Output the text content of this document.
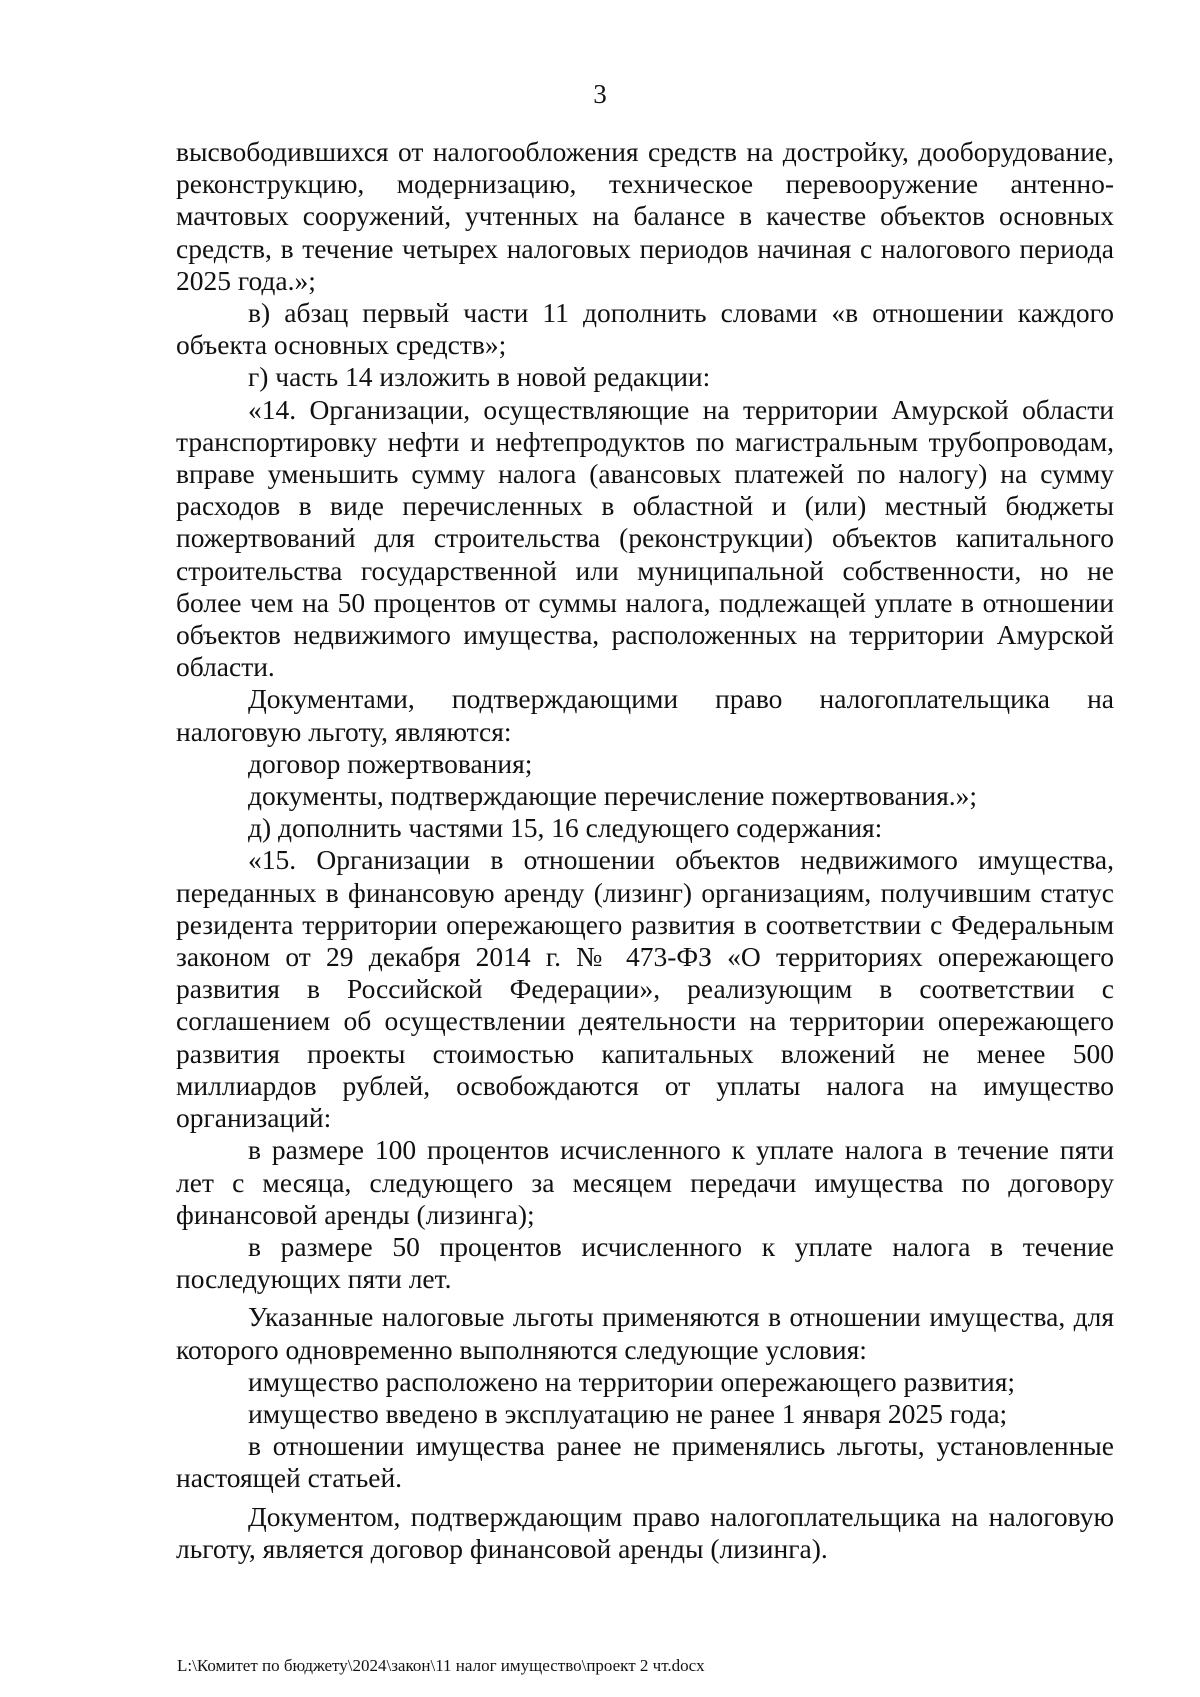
3

высвободившихся от налогообложения средств на достройку, дооборудование, реконструкцию, модернизацию, техническое перевооружение антенно-мачтовых сооружений, учтенных на балансе в качестве объектов основных средств, в течение четырех налоговых периодов начиная с налогового периода 2025 года.»;

в) абзац первый части 11 дополнить словами «в отношении каждого объекта основных средств»;

г) часть 14 изложить в новой редакции:

«14. Организации, осуществляющие на территории Амурской области транспортировку нефти и нефтепродуктов по магистральным трубопроводам, вправе уменьшить сумму налога (авансовых платежей по налогу) на сумму расходов в виде перечисленных в областной и (или) местный бюджеты пожертвований для строительства (реконструкции) объектов капитального строительства государственной или муниципальной собственности, но не более чем на 50 процентов от суммы налога, подлежащей уплате в отношении объектов недвижимого имущества, расположенных на территории Амурской области.

Документами, подтверждающими право налогоплательщика на налоговую льготу, являются:

договор пожертвования;

документы, подтверждающие перечисление пожертвования.»;

д) дополнить частями 15, 16 следующего содержания:

«15. Организации в отношении объектов недвижимого имущества, переданных в финансовую аренду (лизинг) организациям, получившим статус резидента территории опережающего развития в соответствии с Федеральным законом от 29 декабря 2014 г. № 473-ФЗ «О территориях опережающего развития в Российской Федерации», реализующим в соответствии с соглашением об осуществлении деятельности на территории опережающего развития проекты стоимостью капитальных вложений не менее 500 миллиардов рублей, освобождаются от уплаты налога на имущество организаций:

в размере 100 процентов исчисленного к уплате налога в течение пяти лет с месяца, следующего за месяцем передачи имущества по договору финансовой аренды (лизинга);

в размере 50 процентов исчисленного к уплате налога в течение последующих пяти лет.

Указанные налоговые льготы применяются в отношении имущества, для которого одновременно выполняются следующие условия:

имущество расположено на территории опережающего развития;

имущество введено в эксплуатацию не ранее 1 января 2025 года;

в отношении имущества ранее не применялись льготы, установленные настоящей статьей.

Документом, подтверждающим право налогоплательщика на налоговую льготу, является договор финансовой аренды (лизинга).

L:\Комитет по бюджету\2024\закон\11 налог имущество\проект 2 чт.docx
